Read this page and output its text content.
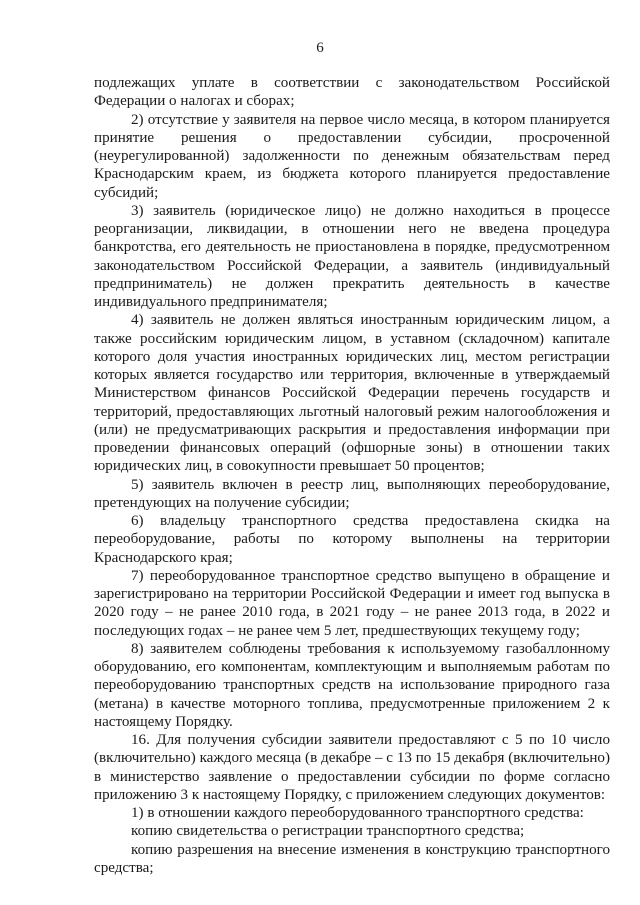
6

подлежащих уплате в соответствии с законодательством Российской Федерации о налогах и сборах;

2) отсутствие у заявителя на первое число месяца, в котором планируется принятие решения о предоставлении субсидии, просроченной (неурегулированной) задолженности по денежным обязательствам перед Краснодарским краем, из бюджета которого планируется предоставление субсидий;

3) заявитель (юридическое лицо) не должно находиться в процессе реорганизации, ликвидации, в отношении него не введена процедура банкротства, его деятельность не приостановлена в порядке, предусмотренном законодательством Российской Федерации, а заявитель (индивидуальный предприниматель) не должен прекратить деятельность в качестве индивидуального предпринимателя;

4) заявитель не должен являться иностранным юридическим лицом, а также российским юридическим лицом, в уставном (складочном) капитале которого доля участия иностранных юридических лиц, местом регистрации которых является государство или территория, включенные в утверждаемый Министерством финансов Российской Федерации перечень государств и территорий, предоставляющих льготный налоговый режим налогообложения и (или) не предусматривающих раскрытия и предоставления информации при проведении финансовых операций (офшорные зоны) в отношении таких юридических лиц, в совокупности превышает 50 процентов;

5) заявитель включен в реестр лиц, выполняющих переоборудование, претендующих на получение субсидии;

6) владельцу транспортного средства предоставлена скидка на переоборудование, работы по которому выполнены на территории Краснодарского края;

7) переоборудованное транспортное средство выпущено в обращение и зарегистрировано на территории Российской Федерации и имеет год выпуска в 2020 году – не ранее 2010 года, в 2021 году – не ранее 2013 года, в 2022 и последующих годах – не ранее чем 5 лет, предшествующих текущему году;

8) заявителем соблюдены требования к используемому газобаллонному оборудованию, его компонентам, комплектующим и выполняемым работам по переоборудованию транспортных средств на использование природного газа (метана) в качестве моторного топлива, предусмотренные приложением 2 к настоящему Порядку.

16. Для получения субсидии заявители предоставляют с 5 по 10 число (включительно) каждого месяца (в декабре – с 13 по 15 декабря (включительно) в министерство заявление о предоставлении субсидии по форме согласно приложению 3 к настоящему Порядку, с приложением следующих документов:

1) в отношении каждого переоборудованного транспортного средства:

копию свидетельства о регистрации транспортного средства;

копию разрешения на внесение изменения в конструкцию транспортного средства;
